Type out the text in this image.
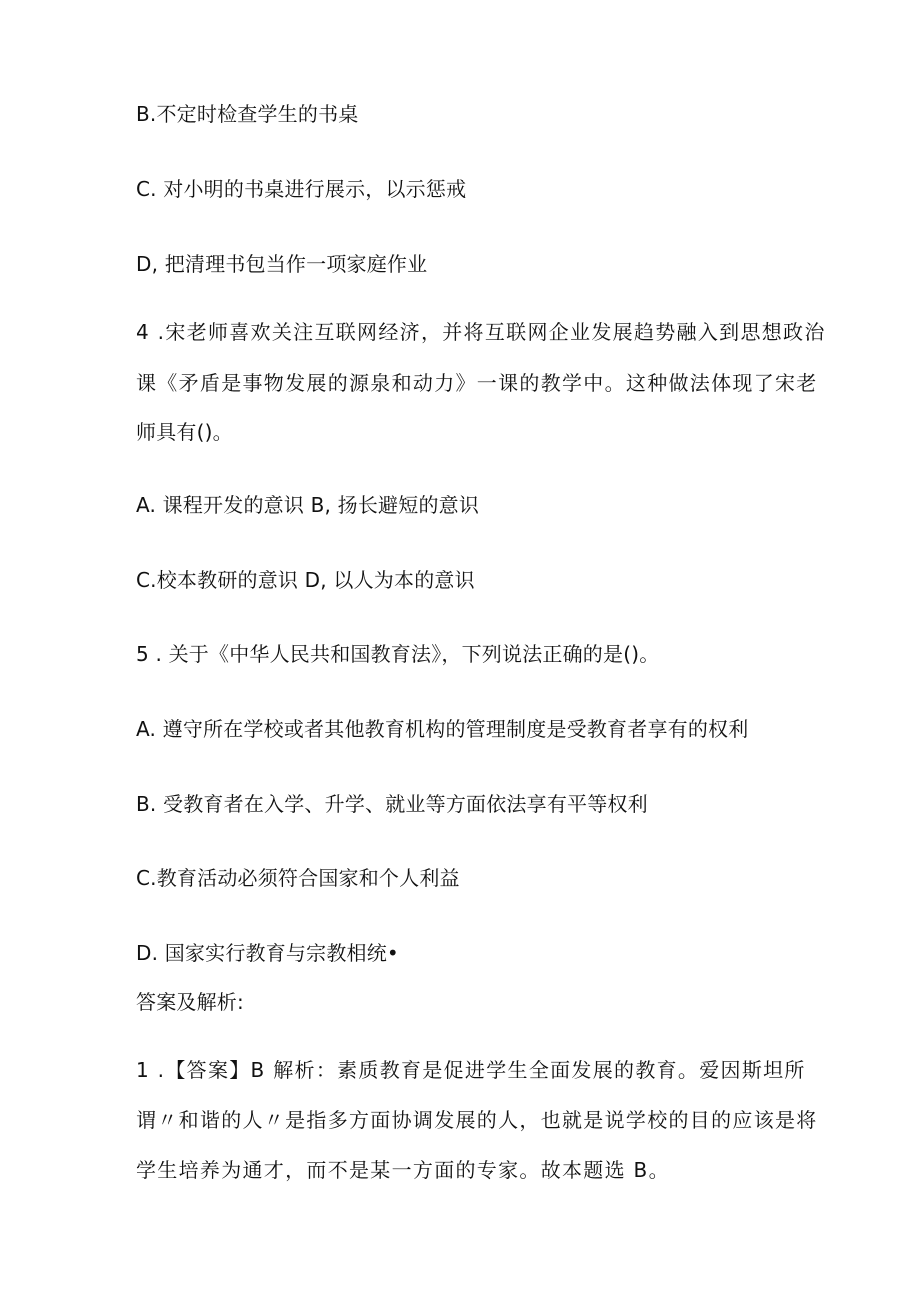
B.不定时检查学生的书桌

C. 对小明的书桌进行展示，以示惩戒

D, 把清理书包当作一项家庭作业

4 .宋老师喜欢关注互联网经济，并将互联网企业发展趋势融入到思想政治

课《矛盾是事物发展的源泉和动力》一课的教学中。这种做法体现了宋老

师具有()。

A. 课程开发的意识 B, 扬长避短的意识

C.校本教研的意识 D, 以人为本的意识

5 . 关于《中华人民共和国教育法》，下列说法正确的是()。

A. 遵守所在学校或者其他教育机构的管理制度是受教育者享有的权利

B. 受教育者在入学、升学、就业等方面依法享有平等权利

C.教育活动必须符合国家和个人利益

D. 国家实行教育与宗教相统•

答案及解析:

1 .【答案】B 解析：素质教育是促进学生全面发展的教育。爱因斯坦所

谓〃和谐的人〃是指多方面协调发展的人，也就是说学校的目的应该是将

学生培养为通才，而不是某一方面的专家。故本题选 B。
